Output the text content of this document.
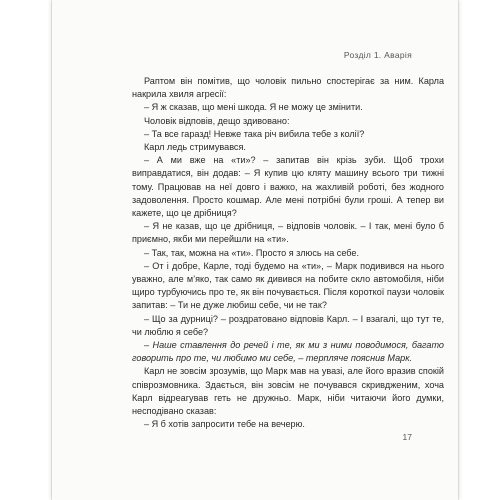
Розділ 1. Аварія

Раптом він помітив, що чоловік пильно спостерігає за ним. Карла накрила хвиля агресії:

– Я ж сказав, що мені шкода. Я не можу це змінити.

Чоловік відповів, дещо здивовано:

– Та все гаразд! Невже така річ вибила тебе з колії?

Карл ледь стримувався.

– А ми вже на «ти»? – запитав він крізь зуби. Щоб трохи виправдатися, він додав: – Я купив цю кляту машину всього три тижні тому. Працював на неї довго і важко, на жахливій роботі, без жодного задоволення. Просто кошмар. Але мені потрібні були гроші. А тепер ви кажете, що це дрібниця?

– Я не казав, що це дрібниця, – відповів чоловік. – І так, мені було б приємно, якби ми перейшли на «ти».

– Так, так, можна на «ти». Просто я злюсь на себе.

– От і добре, Карле, тоді будемо на «ти», – Марк подивився на нього уважно, але м’яко, так само як дивився на побите скло автомобіля, ніби щиро турбуючись про те, як він почувається. Після короткої паузи чоловік запитав: – Ти не дуже любиш себе, чи не так?

– Що за дурниці? – роздратовано відповів Карл. – І взагалі, що тут те, чи люблю я себе?

– Наше ставлення до речей і те, як ми з ними поводимося, багато говорить про те, чи любимо ми себе, – терпляче пояснив Марк.

Карл не зовсім зрозумів, що Марк мав на увазі, але його вразив спокій співрозмовника. Здається, він зовсім не почувався скривдженим, хоча Карл відреагував геть не дружньо. Марк, ніби читаючи його думки, несподівано сказав:

– Я б хотів запросити тебе на вечерю.

17
